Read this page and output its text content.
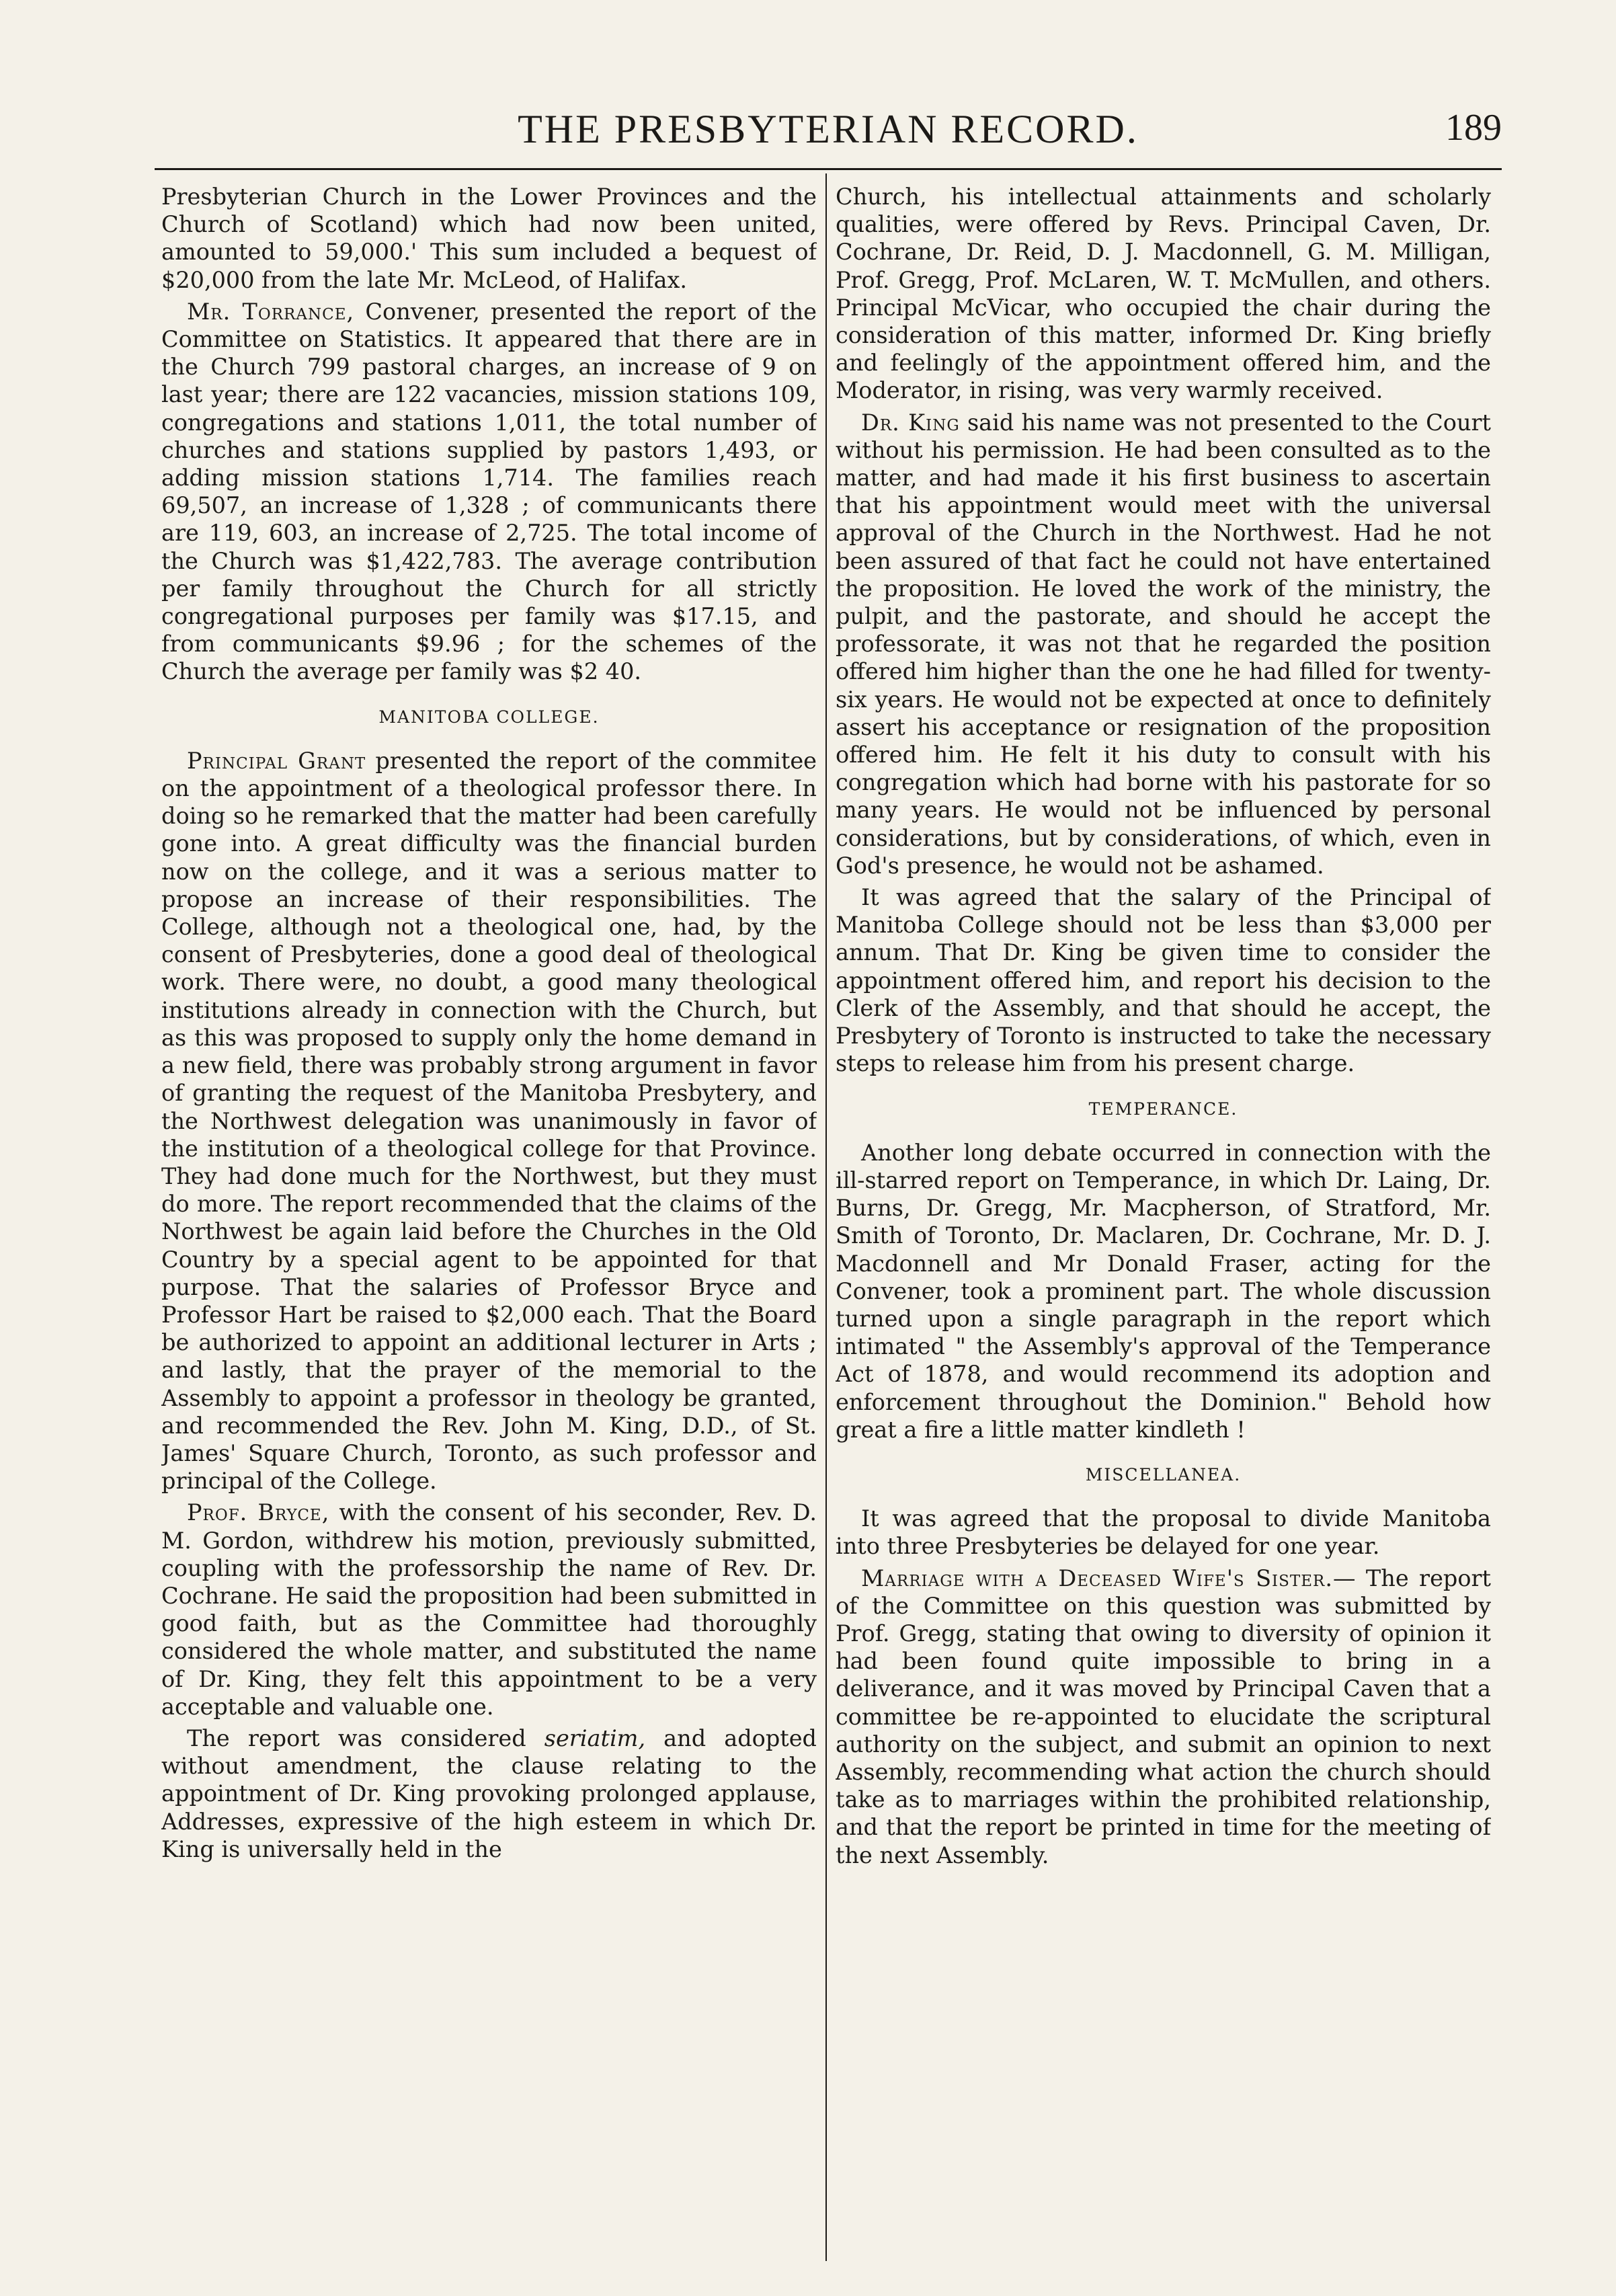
THE PRESBYTERIAN RECORD.	189

Presbyterian Church in the Lower Provinces and the Church of Scotland) which had now been united, amounted to 59,000.' This sum included a bequest of $20,000 from the late Mr. McLeod, of Halifax.

Mr. Torrance, Convener, presented the report of the Committee on Statistics. It appeared that there are in the Church 799 pastoral charges, an increase of 9 on last year; there are 122 vacancies, mission stations 109, congregations and stations 1,011, the total number of churches and stations supplied by pastors 1,493, or adding mission stations 1,714. The families reach 69,507, an increase of 1,328 ; of communicants there are 119, 603, an increase of 2,725. The total income of the Church was $1,422,783. The average contribution per family throughout the Church for all strictly congregational purposes per family was $17.15, and from communicants $9.96 ; for the schemes of the Church the average per family was $2 40.

MANITOBA COLLEGE.

Principal Grant presented the report of the commitee on the appointment of a theological professor there. In doing so he remarked that the matter had been carefully gone into. A great difficulty was the financial burden now on the college, and it was a serious matter to propose an increase of their responsibilities. The College, although not a theological one, had, by the consent of Presbyteries, done a good deal of theological work. There were, no doubt, a good many theological institutions already in connection with the Church, but as this was proposed to supply only the home demand in a new field, there was probably strong argument in favor of granting the request of the Manitoba Presbytery, and the Northwest delegation was unanimously in favor of the institution of a theological college for that Province. They had done much for the Northwest, but they must do more. The report recommended that the claims of the Northwest be again laid before the Churches in the Old Country by a special agent to be appointed for that purpose. That the salaries of Professor Bryce and Professor Hart be raised to $2,000 each. That the Board be authorized to appoint an additional lecturer in Arts ; and lastly, that the prayer of the memorial to the Assembly to appoint a professor in theology be granted, and recommended the Rev. John M. King, D.D., of St. James' Square Church, Toronto, as such professor and principal of the College.

Prof. Bryce, with the consent of his seconder, Rev. D. M. Gordon, withdrew his motion, previously submitted, coupling with the professorship the name of Rev. Dr. Cochrane. He said the proposition had been submitted in good faith, but as the Committee had thoroughly considered the whole matter, and substituted the name of Dr. King, they felt this appointment to be a very acceptable and valuable one.

The report was considered seriatim, and adopted without amendment, the clause relating to the appointment of Dr. King provoking prolonged applause, Addresses, expressive of the high esteem in which Dr. King is universally held in the

Church, his intellectual attainments and scholarly qualities, were offered by Revs. Principal Caven, Dr. Cochrane, Dr. Reid, D. J. Macdonnell, G. M. Milligan, Prof. Gregg, Prof. McLaren, W. T. McMullen, and others. Principal McVicar, who occupied the chair during the consideration of this matter, informed Dr. King briefly and feelingly of the appointment offered him, and the Moderator, in rising, was very warmly received.

Dr. King said his name was not presented to the Court without his permission. He had been consulted as to the matter, and had made it his first business to ascertain that his appointment would meet with the universal approval of the Church in the Northwest. Had he not been assured of that fact he could not have entertained the proposition. He loved the work of the ministry, the pulpit, and the pastorate, and should he accept the professorate, it was not that he regarded the position offered him higher than the one he had filled for twenty-six years. He would not be expected at once to definitely assert his acceptance or resignation of the proposition offered him. He felt it his duty to consult with his congregation which had borne with his pastorate for so many years. He would not be influenced by personal considerations, but by considerations, of which, even in God's presence, he would not be ashamed.

It was agreed that the salary of the Principal of Manitoba College should not be less than $3,000 per annum. That Dr. King be given time to consider the appointment offered him, and report his decision to the Clerk of the Assembly, and that should he accept, the Presbytery of Toronto is instructed to take the necessary steps to release him from his present charge.

TEMPERANCE.

Another long debate occurred in connection with the ill-starred report on Temperance, in which Dr. Laing, Dr. Burns, Dr. Gregg, Mr. Macpherson, of Stratford, Mr. Smith of Toronto, Dr. Maclaren, Dr. Cochrane, Mr. D. J. Macdonnell and Mr Donald Fraser, acting for the Convener, took a prominent part. The whole discussion turned upon a single paragraph in the report which intimated " the Assembly's approval of the Temperance Act of 1878, and would recommend its adoption and enforcement throughout the Dominion." Behold how great a fire a little matter kindleth !

MISCELLANEA.

It was agreed that the proposal to divide Manitoba into three Presbyteries be delayed for one year.

Marriage with a Deceased Wife's Sister.— The report of the Committee on this question was submitted by Prof. Gregg, stating that owing to diversity of opinion it had been found quite impossible to bring in a deliverance, and it was moved by Principal Caven that a committee be re-appointed to elucidate the scriptural authority on the subject, and submit an opinion to next Assembly, recommending what action the church should take as to marriages within the prohibited relationship, and that the report be printed in time for the meeting of the next Assembly.
